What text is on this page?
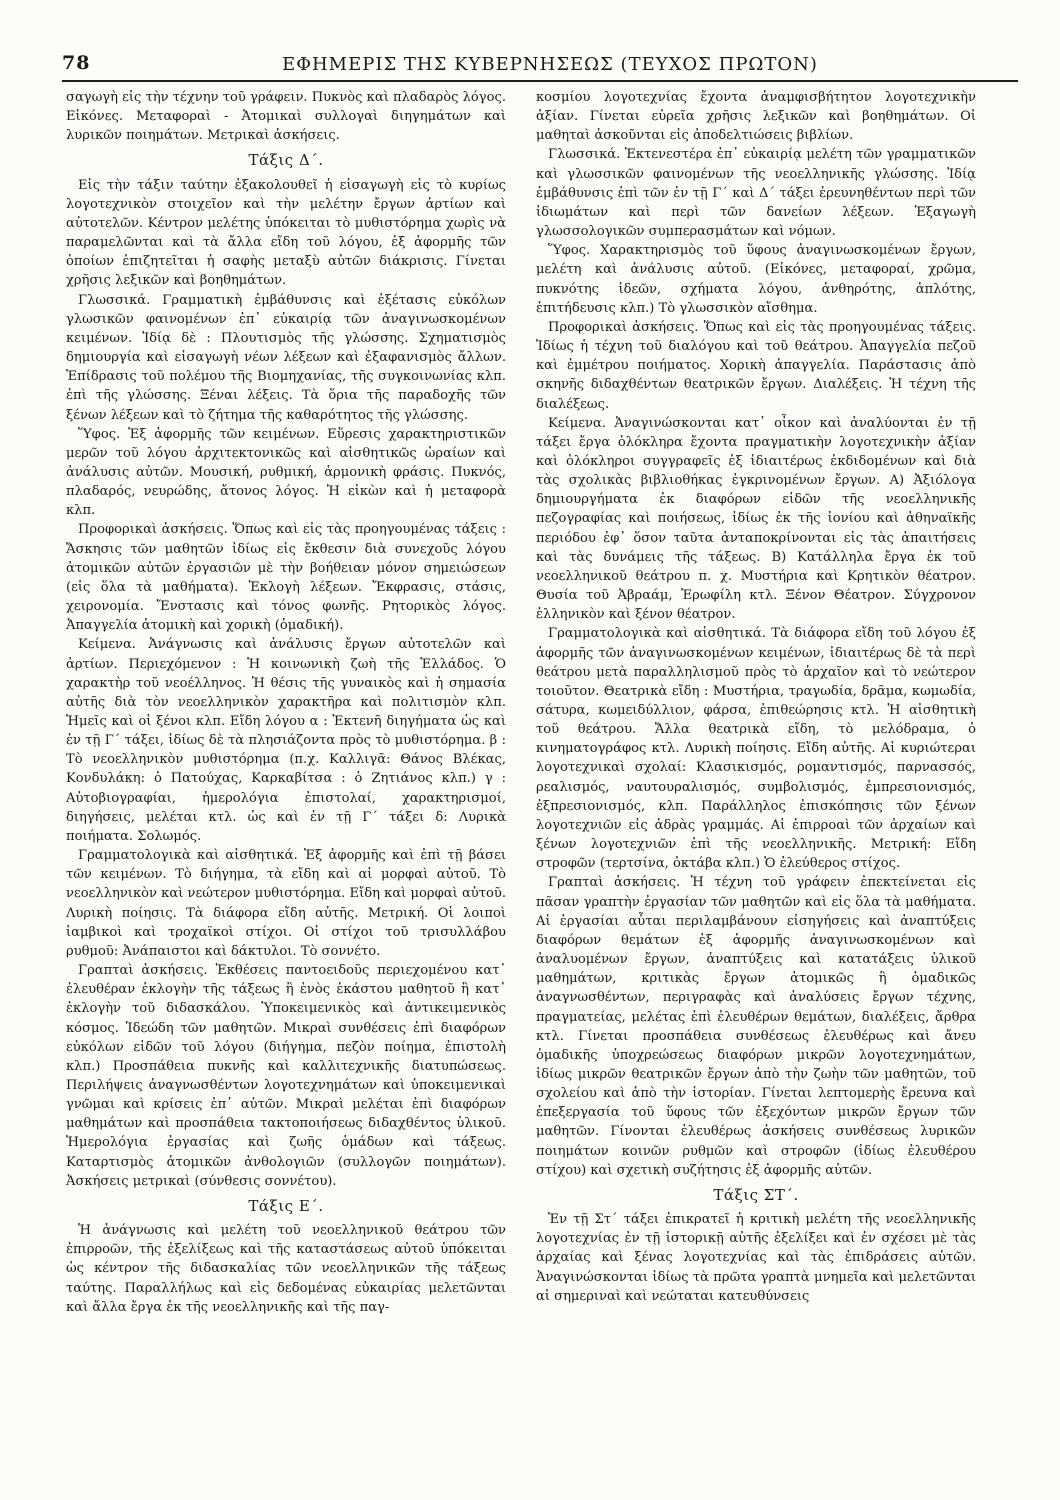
78	ΕΦΗΜΕΡΙΣ ΤΗΣ ΚΥΒΕΡΝΗΣΕΩΣ (ΤΕΥΧΟΣ ΠΡΩΤΟΝ)

σαγωγὴ εἰς τὴν τέχνην τοῦ γράφειν. Πυκνὸς καὶ πλαδαρὸς λόγος. Εἰκόνες. Μεταφοραὶ - Ἀτομικαὶ συλλογαὶ διηγημάτων καὶ λυρικῶν ποιημάτων. Μετρικαὶ ἀσκήσεις.

Τάξις Δ΄.

Εἰς τὴν τάξιν ταύτην ἐξακολουθεῖ ἡ εἰσαγωγὴ εἰς τὸ κυρίως λογοτεχνικὸν στοιχεῖον καὶ τὴν μελέτην ἔργων ἀρτίων καὶ αὐτοτελῶν. Κέντρον μελέτης ὑπόκειται τὸ μυθιστόρημα χωρὶς νὰ παραμελῶνται καὶ τὰ ἄλλα εἴδη τοῦ λόγου, ἐξ ἀφορμῆς τῶν ὁποίων ἐπιζητεῖται ἡ σαφὴς μεταξὺ αὐτῶν διάκρισις. Γίνεται χρῆσις λεξικῶν καὶ βοηθημάτων.

Γλωσσικά. Γραμματικὴ ἐμβάθυνσις καὶ ἐξέτασις εὐκόλων γλωσικῶν φαινομένων ἐπ᾽ εὐκαιρίᾳ τῶν ἀναγινωσκομένων κειμένων. Ἰδίᾳ δὲ : Πλουτισμὸς τῆς γλώσσης. Σχηματισμὸς δημιουργία καὶ εἰσαγωγὴ νέων λέξεων καὶ ἐξαφανισμὸς ἄλλων. Ἐπίδρασις τοῦ πολέμου τῆς Βιομηχανίας, τῆς συγκοινωνίας κλπ. ἐπὶ τῆς γλώσσης. Ξέναι λέξεις. Τὰ ὅρια τῆς παραδοχῆς τῶν ξένων λέξεων καὶ τὸ ζήτημα τῆς καθαρότητος τῆς γλώσσης.

Ὕφος. Ἐξ ἀφορμῆς τῶν κειμένων. Εὕρεσις χαρακτηριστικῶν μερῶν τοῦ λόγου ἀρχιτεκτονικῶς καὶ αἰσθητικῶς ὡραίων καὶ ἀνάλυσις αὐτῶν. Μουσική, ρυθμική, ἁρμονικὴ φράσις. Πυκνός, πλαδαρός, νευρώδης, ἄτονος λόγος. Ἡ εἰκὼν καὶ ἡ μεταφορὰ κλπ.

Προφορικαὶ ἀσκήσεις. Ὅπως καὶ εἰς τὰς προηγουμένας τάξεις : Ἄσκησις τῶν μαθητῶν ἰδίως εἰς ἔκθεσιν διὰ συνεχοῦς λόγου ἀτομικῶν αὐτῶν ἐργασιῶν μὲ τὴν βοήθειαν μόνον σημειώσεων (εἰς ὅλα τὰ μαθήματα). Ἐκλογὴ λέξεων. Ἔκφρασις, στάσις, χειρονομία. Ἔνστασις καὶ τόνος φωνῆς. Ρητορικὸς λόγος. Ἀπαγγελία ἀτομικὴ καὶ χορικὴ (ὁμαδική).

Κείμενα. Ἀνάγνωσις καὶ ἀνάλυσις ἔργων αὐτοτελῶν καὶ ἀρτίων. Περιεχόμενον : Ἡ κοινωνικὴ ζωὴ τῆς Ἑλλάδος. Ὁ χαρακτὴρ τοῦ νεοέλληνος. Ἡ θέσις τῆς γυναικὸς καὶ ἡ σημασία αὐτῆς διὰ τὸν νεοελληνικὸν χαρακτῆρα καὶ πολιτισμὸν κλπ. Ἡμεῖς καὶ οἱ ξένοι κλπ. Εἴδη λόγου α : Ἐκτενῆ διηγήματα ὡς καὶ ἐν τῇ Γ΄ τάξει, ἰδίως δὲ τὰ πλησιάζοντα πρὸς τὸ μυθιστόρημα. β : Τὸ νεοελληνικὸν μυθιστόρημα (π.χ. Καλλιγᾶ: Θάνος Βλέκας, Κονδυλάκη: ὁ Πατούχας, Καρκαβίτσα : ὁ Ζητιάνος κλπ.) γ : Αὐτοβιογραφίαι, ἡμερολόγια ἐπιστολαί, χαρακτηρισμοί, διηγήσεις, μελέται κτλ. ὡς καὶ ἐν τῇ Γ΄ τάξει δ: Λυρικὰ ποιήματα. Σολωμός.

Γραμματολογικὰ καὶ αἰσθητικά. Ἐξ ἀφορμῆς καὶ ἐπὶ τῇ βάσει τῶν κειμένων. Τὸ διήγημα, τὰ εἴδη καὶ αἱ μορφαὶ αὐτοῦ. Τὸ νεοελληνικὸν καὶ νεώτερον μυθιστόρημα. Εἴδη καὶ μορφαὶ αὐτοῦ. Λυρικὴ ποίησις. Τὰ διάφορα εἴδη αὐτῆς. Μετρική. Οἱ λοιποὶ ἰαμβικοὶ καὶ τροχαϊκοὶ στίχοι. Οἱ στίχοι τοῦ τρισυλλάβου ρυθμοῦ: Ἀνάπαιστοι καὶ δάκτυλοι. Τὸ σοννέτο.

Γραπταὶ ἀσκήσεις. Ἐκθέσεις παντοειδοῦς περιεχομένου κατ᾽ ἐλευθέραν ἐκλογὴν τῆς τάξεως ἢ ἑνὸς ἑκάστου μαθητοῦ ἢ κατ᾽ ἐκλογὴν τοῦ διδασκάλου. Ὑποκειμενικὸς καὶ ἀντικειμενικὸς κόσμος. Ἰδεώδη τῶν μαθητῶν. Μικραὶ συνθέσεις ἐπὶ διαφόρων εὐκόλων εἰδῶν τοῦ λόγου (διήγημα, πεζὸν ποίημα, ἐπιστολὴ κλπ.) Προσπάθεια πυκνῆς καὶ καλλιτεχνικῆς διατυπώσεως. Περιλήψεις ἀναγνωσθέντων λογοτεχνημάτων καὶ ὑποκειμενικαὶ γνῶμαι καὶ κρίσεις ἐπ᾽ αὐτῶν. Μικραὶ μελέται ἐπὶ διαφόρων μαθημάτων καὶ προσπάθεια τακτοποιήσεως διδαχθέντος ὑλικοῦ. Ἡμερολόγια ἐργασίας καὶ ζωῆς ὁμάδων καὶ τάξεως. Καταρτισμὸς ἀτομικῶν ἀνθολογιῶν (συλλογῶν ποιημάτων). Ἀσκήσεις μετρικαὶ (σύνθεσις σοννέτου).

Τάξις Ε΄.

Ἡ ἀνάγνωσις καὶ μελέτη τοῦ νεοελληνικοῦ θεάτρου τῶν ἐπιρροῶν, τῆς ἐξελίξεως καὶ τῆς καταστάσεως αὐτοῦ ὑπόκειται ὡς κέντρον τῆς διδασκαλίας τῶν νεοελληνικῶν τῆς τάξεως ταύτης. Παραλλήλως καὶ εἰς δεδομένας εὐκαιρίας μελετῶνται καὶ ἄλλα ἔργα ἐκ τῆς νεοελληνικῆς καὶ τῆς παγ-

κοσμίου λογοτεχνίας ἔχοντα ἀναμφισβήτητον λογοτεχνικὴν ἀξίαν. Γίνεται εὐρεῖα χρῆσις λεξικῶν καὶ βοηθημάτων. Οἱ μαθηταὶ ἀσκοῦνται εἰς ἀποδελτιώσεις βιβλίων.

Γλωσσικά. Ἐκτενεστέρα ἐπ᾽ εὐκαιρίᾳ μελέτη τῶν γραμματικῶν καὶ γλωσσικῶν φαινομένων τῆς νεοελληνικῆς γλώσσης. Ἰδίᾳ ἐμβάθυνσις ἐπὶ τῶν ἐν τῇ Γ΄ καὶ Δ΄ τάξει ἐρευνηθέντων περὶ τῶν ἰδιωμάτων καὶ περὶ τῶν δανείων λέξεων. Ἐξαγωγὴ γλωσσολογικῶν συμπερασμάτων καὶ νόμων.

Ὕφος. Χαρακτηρισμὸς τοῦ ὕφους ἀναγινωσκομένων ἔργων, μελέτη καὶ ἀνάλυσις αὐτοῦ. (Εἰκόνες, μεταφοραί, χρῶμα, πυκνότης ἰδεῶν, σχήματα λόγου, ἀνθηρότης, ἁπλότης, ἐπιτήδευσις κλπ.) Τὸ γλωσσικὸν αἴσθημα.

Προφορικαὶ ἀσκήσεις. Ὅπως καὶ εἰς τὰς προηγουμένας τάξεις. Ἰδίως ἡ τέχνη τοῦ διαλόγου καὶ τοῦ θεάτρου. Ἀπαγγελία πεζοῦ καὶ ἐμμέτρου ποιήματος. Χορικὴ ἀπαγγελία. Παράστασις ἀπὸ σκηνῆς διδαχθέντων θεατρικῶν ἔργων. Διαλέξεις. Ἡ τέχνη τῆς διαλέξεως.

Κείμενα. Ἀναγινώσκονται κατ᾽ οἶκον καὶ ἀναλύονται ἐν τῇ τάξει ἔργα ὁλόκληρα ἔχοντα πραγματικὴν λογοτεχνικὴν ἀξίαν καὶ ὁλόκληροι συγγραφεῖς ἐξ ἰδιαιτέρως ἐκδιδομένων καὶ διὰ τὰς σχολικὰς βιβλιοθήκας ἐγκρινομένων ἔργων. Α) Ἀξιόλογα δημιουργήματα ἐκ διαφόρων εἰδῶν τῆς νεοελληνικῆς πεζογραφίας καὶ ποιήσεως, ἰδίως ἐκ τῆς ἰονίου καὶ ἀθηναϊκῆς περιόδου ἐφ᾽ ὅσον ταῦτα ἀνταποκρίνονται εἰς τὰς ἀπαιτήσεις καὶ τὰς δυνάμεις τῆς τάξεως. Β) Κατάλληλα ἔργα ἐκ τοῦ νεοελληνικοῦ θεάτρου π. χ. Μυστήρια καὶ Κρητικὸν θέατρον. Θυσία τοῦ Ἀβραάμ, Ἐρωφίλη κτλ. Ξένον Θέατρον. Σύγχρονον ἑλληνικὸν καὶ ξένον θέατρον.

Γραμματολογικὰ καὶ αἰσθητικά. Τὰ διάφορα εἴδη τοῦ λόγου ἐξ ἀφορμῆς τῶν ἀναγινωσκομένων κειμένων, ἰδιαιτέρως δὲ τὰ περὶ θεάτρου μετὰ παραλληλισμοῦ πρὸς τὸ ἀρχαῖον καὶ τὸ νεώτερον τοιοῦτον. Θεατρικὰ εἴδη : Μυστήρια, τραγωδία, δρᾶμα, κωμωδία, σάτυρα, κωμειδύλλιον, φάρσα, ἐπιθεώρησις κτλ. Ἡ αἰσθητικὴ τοῦ θεάτρου. Ἄλλα θεατρικὰ εἴδη, τὸ μελόδραμα, ὁ κινηματογράφος κτλ. Λυρικὴ ποίησις. Εἴδη αὐτῆς. Αἱ κυριώτεραι λογοτεχνικαὶ σχολαί: Κλασικισμός, ρομαντισμός, παρνασσός, ρεαλισμός, ναυτουραλισμός, συμβολισμός, ἐμπρεσιονισμός, ἐξπρεσιονισμός, κλπ. Παράλληλος ἐπισκόπησις τῶν ξένων λογοτεχνιῶν εἰς ἁδρὰς γραμμάς. Αἱ ἐπιρροαὶ τῶν ἀρχαίων καὶ ξένων λογοτεχνιῶν ἐπὶ τῆς νεοελληνικῆς. Μετρική: Εἴδη στροφῶν (τερτσίνα, ὀκτάβα κλπ.) Ὁ ἐλεύθερος στίχος.

Γραπταὶ ἀσκήσεις. Ἡ τέχνη τοῦ γράφειν ἐπεκτείνεται εἰς πᾶσαν γραπτὴν ἐργασίαν τῶν μαθητῶν καὶ εἰς ὅλα τὰ μαθήματα. Αἱ ἐργασίαι αὗται περιλαμβάνουν εἰσηγήσεις καὶ ἀναπτύξεις διαφόρων θεμάτων ἐξ ἀφορμῆς ἀναγινωσκομένων καὶ ἀναλυομένων ἔργων, ἀναπτύξεις καὶ κατατάξεις ὑλικοῦ μαθημάτων, κριτικὰς ἔργων ἀτομικῶς ἢ ὁμαδικῶς ἀναγνωσθέντων, περιγραφὰς καὶ ἀναλύσεις ἔργων τέχνης, πραγματείας, μελέτας ἐπὶ ἐλευθέρων θεμάτων, διαλέξεις, ἄρθρα κτλ. Γίνεται προσπάθεια συνθέσεως ἐλευθέρως καὶ ἄνευ ὁμαδικῆς ὑποχρεώσεως διαφόρων μικρῶν λογοτεχνημάτων, ἰδίως μικρῶν θεατρικῶν ἔργων ἀπὸ τὴν ζωὴν τῶν μαθητῶν, τοῦ σχολείου καὶ ἀπὸ τὴν ἱστορίαν. Γίνεται λεπτομερὴς ἔρευνα καὶ ἐπεξεργασία τοῦ ὕφους τῶν ἐξεχόντων μικρῶν ἔργων τῶν μαθητῶν. Γίνονται ἐλευθέρως ἀσκήσεις συνθέσεως λυρικῶν ποιημάτων κοινῶν ρυθμῶν καὶ στροφῶν (ἰδίως ἐλευθέρου στίχου) καὶ σχετικὴ συζήτησις ἐξ ἀφορμῆς αὐτῶν.

Τάξις ΣΤ΄.

Ἐν τῇ Στ΄ τάξει ἐπικρατεῖ ἡ κριτικὴ μελέτη τῆς νεοελληνικῆς λογοτεχνίας ἐν τῇ ἱστορικῇ αὐτῆς ἐξελίξει καὶ ἐν σχέσει μὲ τὰς ἀρχαίας καὶ ξένας λογοτεχνίας καὶ τὰς ἐπιδράσεις αὐτῶν. Ἀναγινώσκονται ἰδίως τὰ πρῶτα γραπτὰ μνημεῖα καὶ μελετῶνται αἱ σημεριναὶ καὶ νεώταται κατευθύνσεις
